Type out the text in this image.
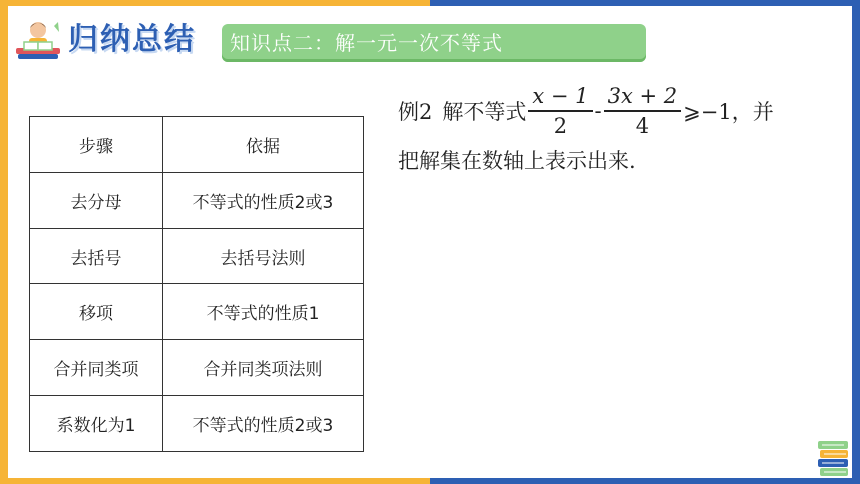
归纳总结 知识点二：解一元一次不等式
步骤	依据
去分母	不等式的性质2或3
去括号	去括号法则
移项	不等式的性质1
合并同类项	合并同类项法则
系数化为1	不等式的性质2或3
例2 解不等式 $\frac{x - 1}{2} - \frac{3x + 2}{4}$ ⩾−1，并
把解集在数轴上表示出来.
